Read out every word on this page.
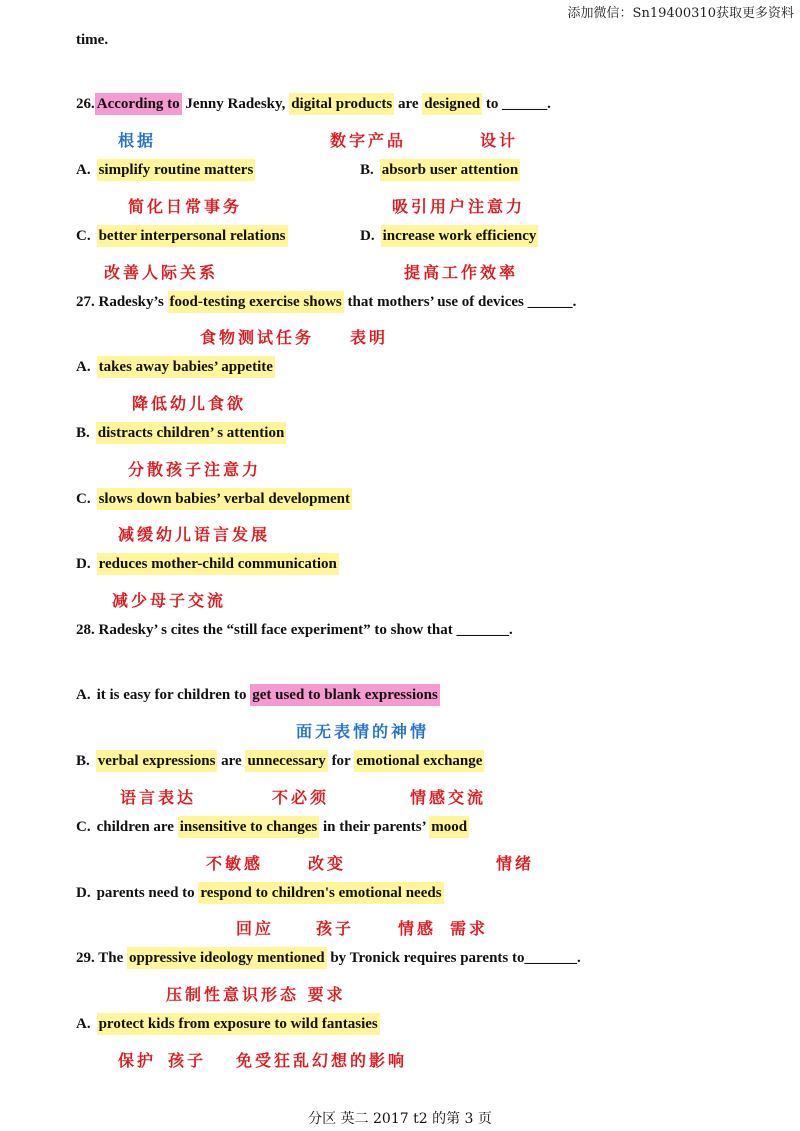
添加微信：Sn19400310获取更多资料
time.
26. According to Jenny Radesky, digital products are designed to ______.
根据	数字产品	设计
A. simplify routine matters	B. absorb user attention
简化日常事务	吸引用户注意力
C. better interpersonal relations	D. increase work efficiency
改善人际关系	提高工作效率
27. Radesky’s food-testing exercise shows that mothers’ use of devices ______.
食物测试任务 表明
A. takes away babies’ appetite
降低幼儿食欲
B. distracts children’ s attention
分散孩子注意力
C. slows down babies’ verbal development
减缓幼儿语言发展
D. reduces mother-child communication
减少母子交流
28. Radesky’ s cites the “still face experiment” to show that _______.
A. it is easy for children to get used to blank expressions
面无表情的神情
B. verbal expressions are unnecessary for emotional exchange
语言表达	不必须	情感交流
C. children are insensitive to changes in their parents’ mood
不敏感	改变	情绪
D. parents need to respond to children's emotional needs
回应	孩子	情感 需求
29. The oppressive ideology mentioned by Tronick requires parents to_______.
压制性意识形态 要求
A. protect kids from exposure to wild fantasies
保护 孩子 免受狂乱幻想的影响
分区 英二 2017 t2 的第 3 页
